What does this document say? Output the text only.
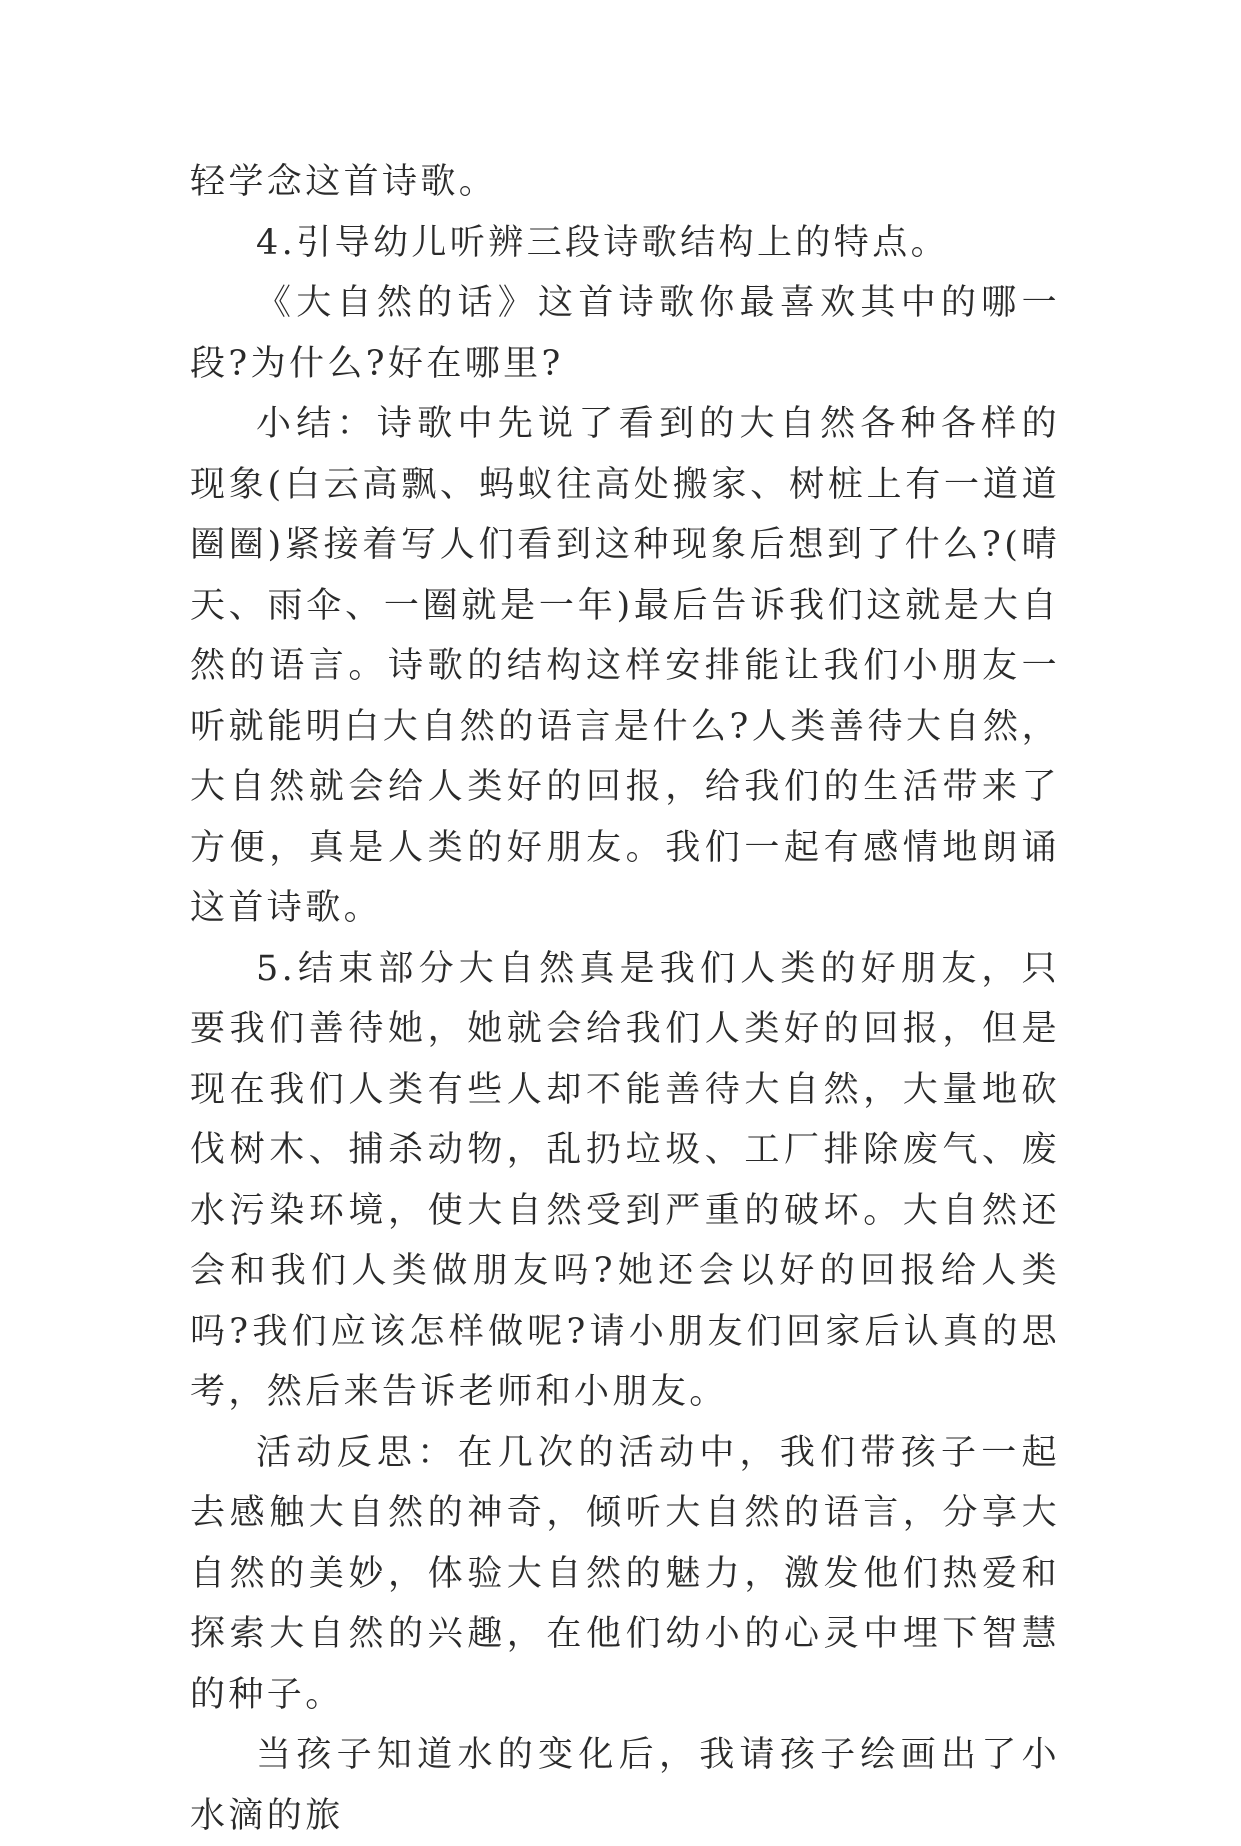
轻学念这首诗歌。

4.引导幼儿听辨三段诗歌结构上的特点。

《大自然的话》这首诗歌你最喜欢其中的哪一段?为什么?好在哪里?

小结：诗歌中先说了看到的大自然各种各样的现象(白云高飘、蚂蚁往高处搬家、树桩上有一道道圈圈)紧接着写人们看到这种现象后想到了什么?(晴天、雨伞、一圈就是一年)最后告诉我们这就是大自然的语言。诗歌的结构这样安排能让我们小朋友一听就能明白大自然的语言是什么?人类善待大自然，大自然就会给人类好的回报，给我们的生活带来了方便，真是人类的好朋友。我们一起有感情地朗诵这首诗歌。

5.结束部分大自然真是我们人类的好朋友，只要我们善待她，她就会给我们人类好的回报，但是现在我们人类有些人却不能善待大自然，大量地砍伐树木、捕杀动物，乱扔垃圾、工厂排除废气、废水污染环境，使大自然受到严重的破坏。大自然还会和我们人类做朋友吗?她还会以好的回报给人类吗?我们应该怎样做呢?请小朋友们回家后认真的思考，然后来告诉老师和小朋友。

活动反思：在几次的活动中，我们带孩子一起去感触大自然的神奇，倾听大自然的语言，分享大自然的美妙，体验大自然的魅力，激发他们热爱和探索大自然的兴趣，在他们幼小的心灵中埋下智慧的种子。

当孩子知道水的变化后，我请孩子绘画出了小水滴的旅
